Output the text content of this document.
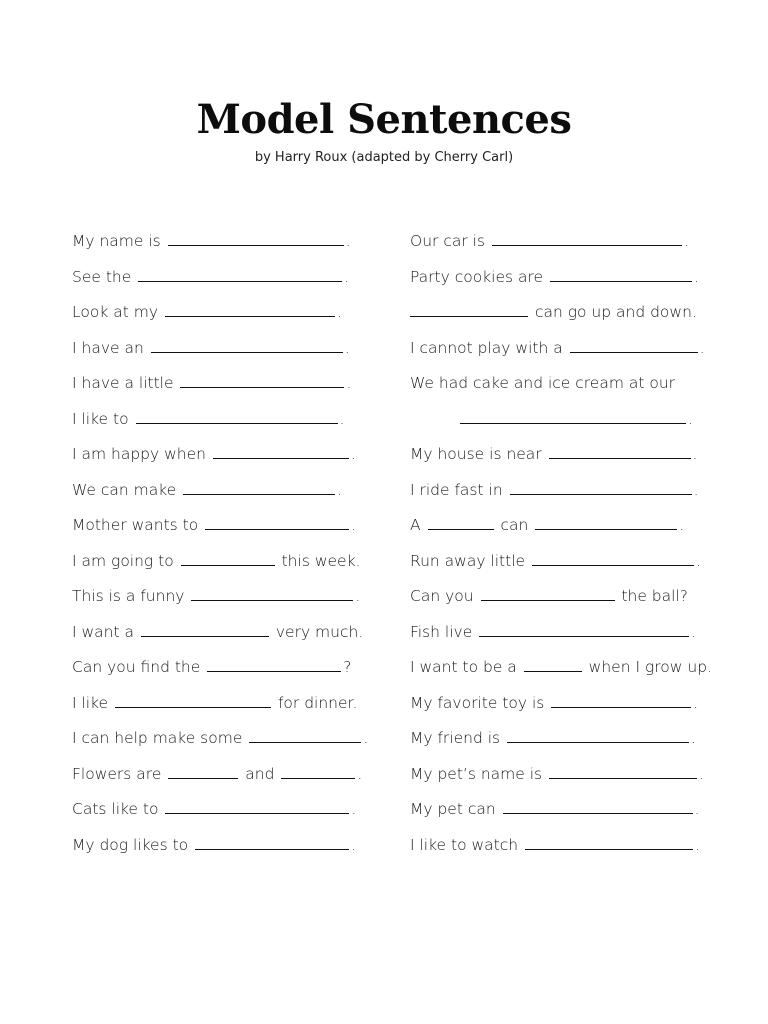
Model Sentences
by Harry Roux (adapted by Cherry Carl)
My name is	.
See the	.
Look at my	.
I have an	.
I have a little	.
I like to	.
I am happy when	.
We can make	.
Mother wants to	.
I am going to	this week.
This is a funny	.
I want a	very much.
Can you find the	?
I like	for dinner.
I can help make some	.
Flowers are	and	.
Cats like to	.
My dog likes to	.
Our car is	.
Party cookies are	.
can go up and down.
I cannot play with a	.
We had cake and ice cream at our
.
My house is near	.
I ride fast in	.
A	can	.
Run away little	.
Can you	the ball?
Fish live	.
I want to be a	when I grow up.
My favorite toy is	.
My friend is	.
My pet’s name is	.
My pet can	.
I like to watch	.
